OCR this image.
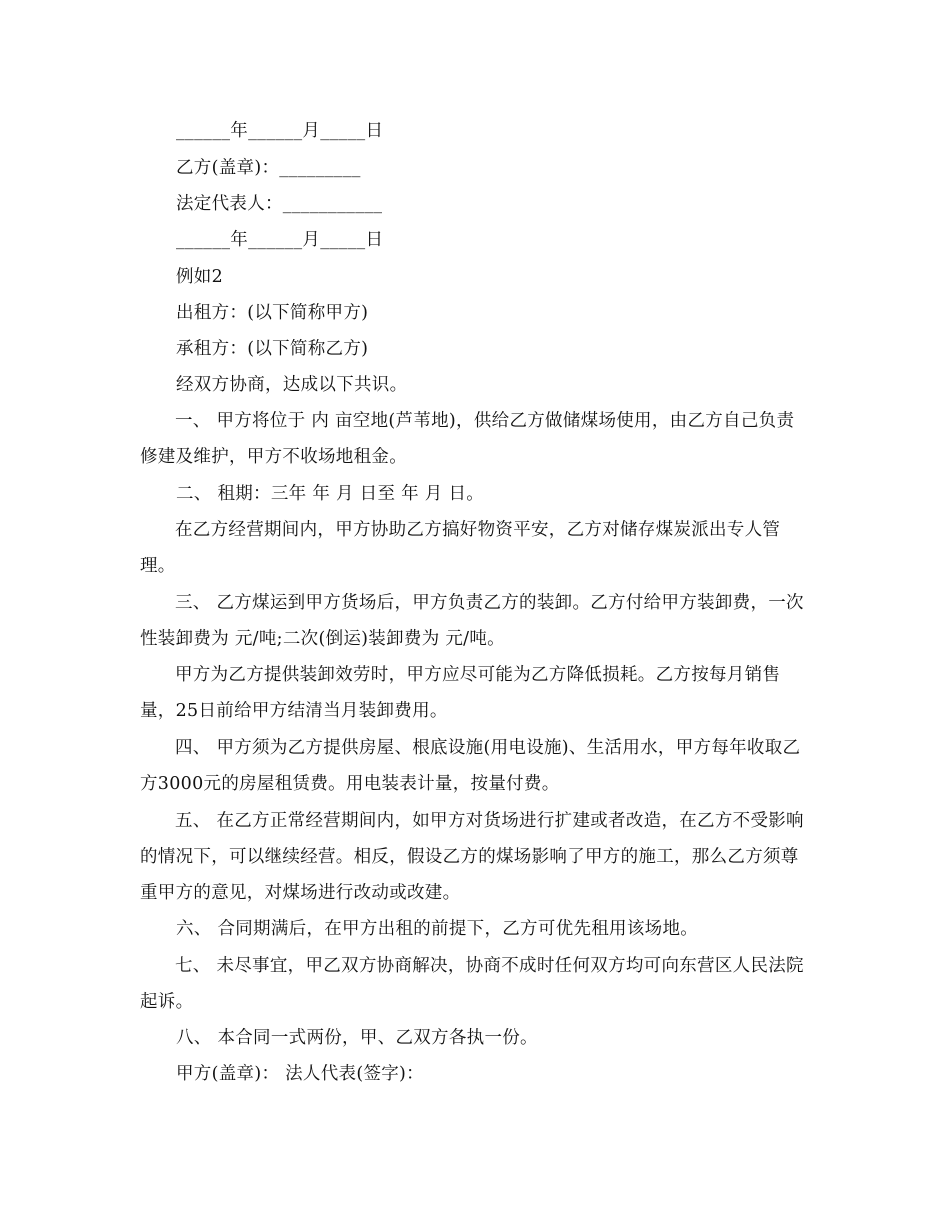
______年______月_____日

乙方(盖章)：_________

法定代表人：___________

______年______月_____日

例如2

出租方：(以下简称甲方)

承租方：(以下简称乙方)

经双方协商，达成以下共识。

一、 甲方将位于 内 亩空地(芦苇地)，供给乙方做储煤场使用，由乙方自己负责修建及维护，甲方不收场地租金。

二、 租期：三年 年 月 日至 年 月 日。

在乙方经营期间内，甲方协助乙方搞好物资平安，乙方对储存煤炭派出专人管理。

三、 乙方煤运到甲方货场后，甲方负责乙方的装卸。乙方付给甲方装卸费，一次性装卸费为 元/吨;二次(倒运)装卸费为 元/吨。

甲方为乙方提供装卸效劳时，甲方应尽可能为乙方降低损耗。乙方按每月销售量，25日前给甲方结清当月装卸费用。

四、 甲方须为乙方提供房屋、根底设施(用电设施)、生活用水，甲方每年收取乙方3000元的房屋租赁费。用电装表计量，按量付费。

五、 在乙方正常经营期间内，如甲方对货场进行扩建或者改造，在乙方不受影响的情况下，可以继续经营。相反，假设乙方的煤场影响了甲方的施工，那么乙方须尊重甲方的意见，对煤场进行改动或改建。

六、 合同期满后，在甲方出租的前提下，乙方可优先租用该场地。

七、 未尽事宜，甲乙双方协商解决，协商不成时任何双方均可向东营区人民法院起诉。

八、 本合同一式两份，甲、乙双方各执一份。

甲方(盖章)： 法人代表(签字)：
